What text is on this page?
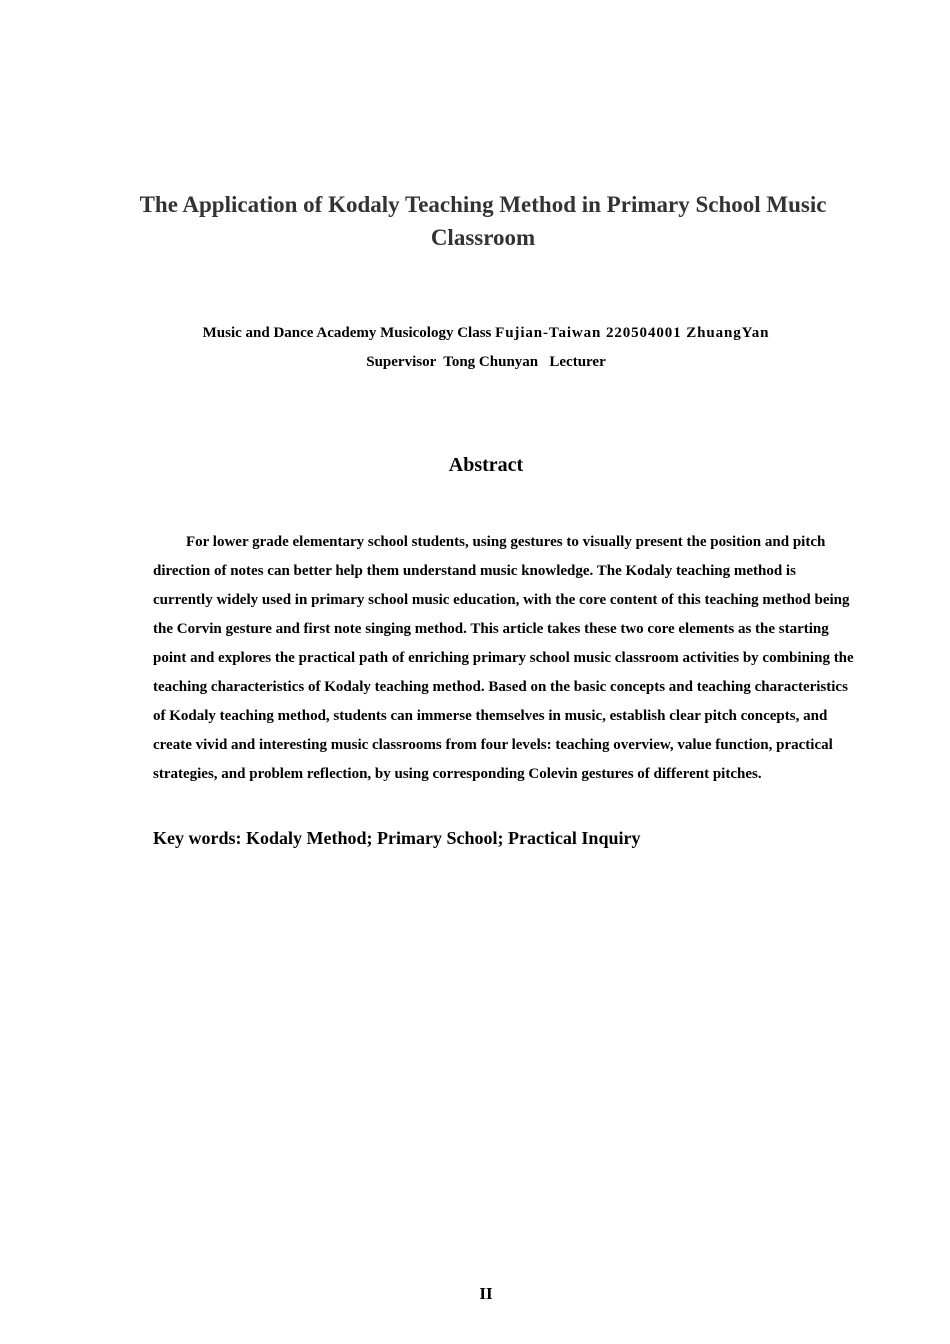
The Application of Kodaly Teaching Method in Primary School Music Classroom
Music and Dance Academy Musicology Class Fujian-Taiwan 220504001 ZhuangYan
Supervisor  Tong Chunyan   Lecturer
Abstract
For lower grade elementary school students, using gestures to visually present the position and pitch direction of notes can better help them understand music knowledge. The Kodaly teaching method is currently widely used in primary school music education, with the core content of this teaching method being the Corvin gesture and first note singing method. This article takes these two core elements as the starting point and explores the practical path of enriching primary school music classroom activities by combining the teaching characteristics of Kodaly teaching method. Based on the basic concepts and teaching characteristics of Kodaly teaching method, students can immerse themselves in music, establish clear pitch concepts, and create vivid and interesting music classrooms from four levels: teaching overview, value function, practical strategies, and problem reflection, by using corresponding Colevin gestures of different pitches.
Key words: Kodaly Method; Primary School; Practical Inquiry
II
